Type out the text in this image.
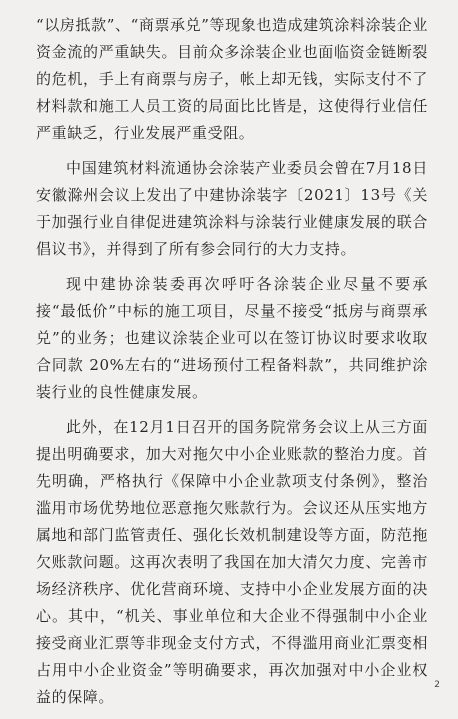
“以房抵款”、“商票承兑”等现象也造成建筑涂料涂装企业资金流的严重缺失。目前众多涂装企业也面临资金链断裂的危机，手上有商票与房子，帐上却无钱，实际支付不了材料款和施工人员工资的局面比比皆是，这使得行业信任严重缺乏，行业发展严重受阻。

中国建筑材料流通协会涂装产业委员会曾在7月18日安徽滁州会议上发出了中建协涂装字〔2021〕13号《关于加强行业自律促进建筑涂料与涂装行业健康发展的联合倡议书》，并得到了所有参会同行的大力支持。

现中建协涂装委再次呼吁各涂装企业尽量不要承接“最低价”中标的施工项目，尽量不接受“抵房与商票承兑”的业务；也建议涂装企业可以在签订协议时要求收取合同款 20%左右的“进场预付工程备料款”，共同维护涂装行业的良性健康发展。

此外，在12月1日召开的国务院常务会议上从三方面提出明确要求，加大对拖欠中小企业账款的整治力度。首先明确，严格执行《保障中小企业款项支付条例》，整治滥用市场优势地位恶意拖欠账款行为。会议还从压实地方属地和部门监管责任、强化长效机制建设等方面，防范拖欠账款问题。这再次表明了我国在加大清欠力度、完善市场经济秩序、优化营商环境、支持中小企业发展方面的决心。其中，“机关、事业单位和大企业不得强制中小企业接受商业汇票等非现金支付方式，不得滥用商业汇票变相占用中小企业资金”等明确要求，再次加强对中小企业权益的保障。

2
